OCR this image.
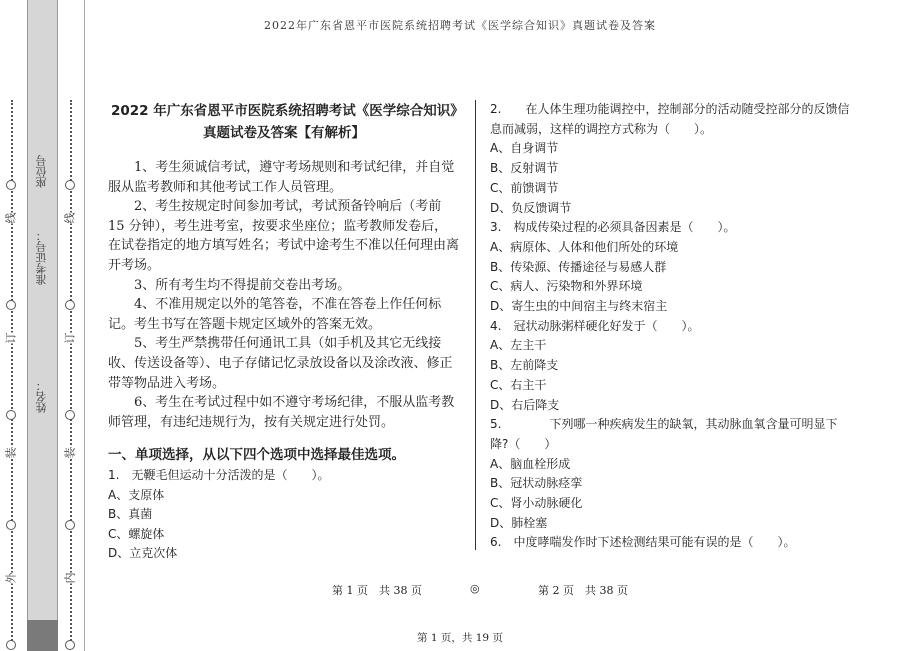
2022年广东省恩平市医院系统招聘考试《医学综合知识》真题试卷及答案
外
装
订
线
内
装
订
线
座位号
准考证号：
姓名：
2022 年广东省恩平市医院系统招聘考试《医学综合知识》真题试卷及答案【有解析】
1、考生须诚信考试，遵守考场规则和考试纪律，并自觉服从监考教师和其他考试工作人员管理。
2、考生按规定时间参加考试，考试预备铃响后（考前 15 分钟），考生进考室，按要求坐座位；监考教师发卷后，在试卷指定的地方填写姓名；考试中途考生不准以任何理由离开考场。
3、所有考生均不得提前交卷出考场。
4、不准用规定以外的笔答卷，不准在答卷上作任何标记。考生书写在答题卡规定区域外的答案无效。
5、考生严禁携带任何通讯工具（如手机及其它无线接收、传送设备等）、电子存储记忆录放设备以及涂改液、修正带等物品进入考场。
6、考生在考试过程中如不遵守考场纪律，不服从监考教师管理，有违纪违规行为，按有关规定进行处罚。
一、单项选择，从以下四个选项中选择最佳选项。
1.　无鞭毛但运动十分活泼的是（　　）。
A、支原体
B、真菌
C、螺旋体
D、立克次体
2.　　在人体生理功能调控中，控制部分的活动随受控部分的反馈信息而减弱，这样的调控方式称为（　　）。
A、自身调节
B、反射调节
C、前馈调节
D、负反馈调节
3.　构成传染过程的必须具备因素是（　　）。
A、病原体、人体和他们所处的环境
B、传染源、传播途径与易感人群
C、病人、污染物和外界环境
D、寄生虫的中间宿主与终末宿主
4.　冠状动脉粥样硬化好发于（　　）。
A、左主干
B、左前降支
C、右主干
D、右后降支
5.　　　　下列哪一种疾病发生的缺氧，其动脉血氧含量可明显下降?（　　）
A、脑血栓形成
B、冠状动脉痉挛
C、肾小动脉硬化
D、肺栓塞
6.　中度哮喘发作时下述检测结果可能有误的是（　　）。
第 1 页　共 38 页	◎	第 2 页　共 38 页
第 1 页，共 19 页
